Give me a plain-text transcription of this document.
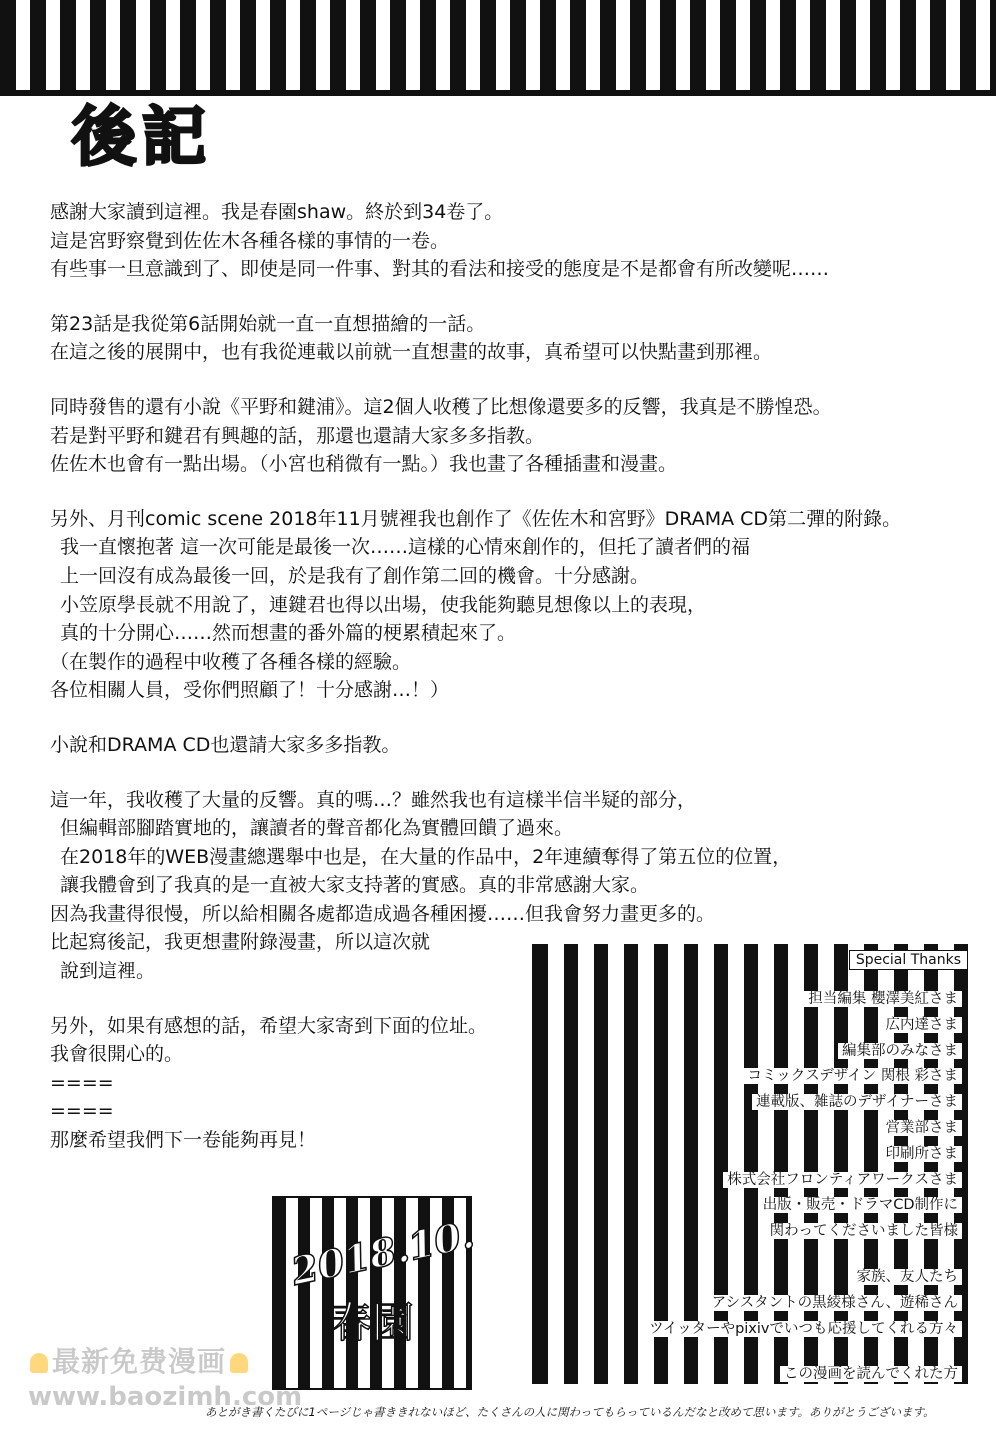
後記
感謝大家讀到這裡。我是春園shaw。終於到34卷了。
這是宮野察覺到佐佐木各種各樣的事情的一卷。
有些事一旦意識到了、即使是同一件事、對其的看法和接受的態度是不是都會有所改變呢……
第23話是我從第6話開始就一直一直想描繪的一話。
在這之後的展開中，也有我從連載以前就一直想畫的故事，真希望可以快點畫到那裡。
同時發售的還有小說《平野和鍵浦》。這2個人收穫了比想像還要多的反響，我真是不勝惶恐。
若是對平野和鍵君有興趣的話，那還也還請大家多多指教。
佐佐木也會有一點出場。（小宮也稍微有一點。）我也畫了各種插畫和漫畫。
另外、月刊comic scene 2018年11月號裡我也創作了《佐佐木和宮野》DRAMA CD第二彈的附錄。
我一直懷抱著 這一次可能是最後一次……這樣的心情來創作的，但托了讀者們的福
上一回沒有成為最後一回，於是我有了創作第二回的機會。十分感謝。
小笠原學長就不用說了，連鍵君也得以出場，使我能夠聽見想像以上的表現，
真的十分開心……然而想畫的番外篇的梗累積起來了。
（在製作的過程中收穫了各種各樣的經驗。
各位相關人員，受你們照顧了！十分感謝…！）
小說和DRAMA CD也還請大家多多指教。
這一年，我收穫了大量的反響。真的嗎…？雖然我也有這樣半信半疑的部分，
但編輯部腳踏實地的，讓讀者的聲音都化為實體回饋了過來。
在2018年的WEB漫畫總選舉中也是，在大量的作品中，2年連續奪得了第五位的位置，
讓我體會到了我真的是一直被大家支持著的實感。真的非常感謝大家。
因為我畫得很慢，所以給相關各處都造成過各種困擾……但我會努力畫更多的。
比起寫後記，我更想畫附錄漫畫，所以這次就
說到這裡。
另外，如果有感想的話，希望大家寄到下面的位址。
我會很開心的。
====
====
那麼希望我們下一卷能夠再見！
2018.10.
春園
Special Thanks
担当編集 櫻澤美紅さま
広内達さま
編集部のみなさま
コミックスデザイン 関根 彩さま
連載版、雑誌のデザイナーさま
営業部さま
印刷所さま
株式会社フロンティアワークスさま
出版・販売・ドラマCD制作に
関わってくださいました皆様
家族、友人たち
アシスタントの黒綾様さん、遊稀さん
ツイッターやpixivでいつも応援してくれる方々
この漫画を読んでくれた方
あとがき書くたびに1ページじゃ書ききれないほど、たくさんの人に関わってもらっているんだなと改めて思います。ありがとうございます。
最新免费漫画
www.baozimh.com
